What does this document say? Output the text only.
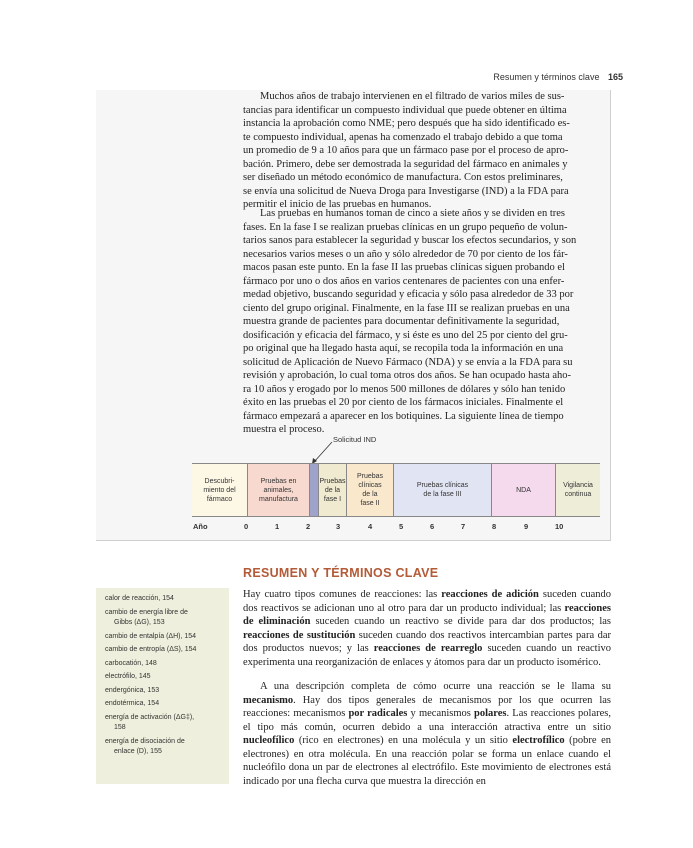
Resumen y términos clave 165

Muchos años de trabajo intervienen en el filtrado de varios miles de sus-
tancias para identificar un compuesto individual que puede obtener en última
instancia la aprobación como NME; pero después que ha sido identificado es-
te compuesto individual, apenas ha comenzado el trabajo debido a que toma
un promedio de 9 a 10 años para que un fármaco pase por el proceso de apro-
bación. Primero, debe ser demostrada la seguridad del fármaco en animales y
ser diseñado un método económico de manufactura. Con estos preliminares,
se envía una solicitud de Nueva Droga para Investigarse (IND) a la FDA para
permitir el inicio de las pruebas en humanos.

Las pruebas en humanos toman de cinco a siete años y se dividen en tres
fases. En la fase I se realizan pruebas clínicas en un grupo pequeño de volun-
tarios sanos para establecer la seguridad y buscar los efectos secundarios, y son
necesarios varios meses o un año y sólo alrededor de 70 por ciento de los fár-
macos pasan este punto. En la fase II las pruebas clínicas siguen probando el
fármaco por uno o dos años en varios centenares de pacientes con una enfer-
medad objetivo, buscando seguridad y eficacia y sólo pasa alrededor de 33 por
ciento del grupo original. Finalmente, en la fase III se realizan pruebas en una
muestra grande de pacientes para documentar definitivamente la seguridad,
dosificación y eficacia del fármaco, y si éste es uno del 25 por ciento del gru-
po original que ha llegado hasta aquí, se recopila toda la información en una
solicitud de Aplicación de Nuevo Fármaco (NDA) y se envía a la FDA para su
revisión y aprobación, lo cual toma otros dos años. Se han ocupado hasta aho-
ra 10 años y erogado por lo menos 500 millones de dólares y sólo han tenido
éxito en las pruebas el 20 por ciento de los fármacos iniciales. Finalmente el
fármaco empezará a aparecer en los botiquines. La siguiente línea de tiempo
muestra el proceso.

Solicitud IND
Descubri-
miento del
fármaco
Pruebas en
animales,
manufactura
Pruebas
de la
fase I
Pruebas
clínicas
de la
fase II
Pruebas clínicas
de la fase III
NDA
Vigilancia
continua
Año	0	1	2	3	4	5	6	7	8	9	10
RESUMEN Y TÉRMINOS CLAVE
calor de reacción, 154
cambio de energía libre de
Gibbs (ΔG), 153
cambio de entalpía (ΔH), 154
cambio de entropía (ΔS), 154
carbocatión, 148
electrófilo, 145
endergónica, 153
endotérmica, 154
energía de activación (ΔG‡),
158
energía de disociación de
enlace (D), 155

Hay cuatro tipos comunes de reacciones: las reacciones de adición suceden cuando dos reactivos se adicionan uno al otro para dar un producto individual; las reacciones de eliminación suceden cuando un reactivo se divide para dar dos productos; las reacciones de sustitución suceden cuando dos reactivos intercambian partes para dar dos productos nuevos; y las reacciones de rearreglo suceden cuando un reactivo experimenta una reorganización de enlaces y átomos para dar un producto isomérico.

A una descripción completa de cómo ocurre una reacción se le llama su mecanismo. Hay dos tipos generales de mecanismos por los que ocurren las reacciones: mecanismos por radicales y mecanismos polares. Las reacciones polares, el tipo más común, ocurren debido a una interacción atractiva entre un sitio nucleofílico (rico en electrones) en una molécula y un sitio electrofílico (pobre en electrones) en otra molécula. En una reacción polar se forma un enlace cuando el nucleófilo dona un par de electrones al electrófilo. Este movimiento de electrones está indicado por una flecha curva que muestra la dirección en
